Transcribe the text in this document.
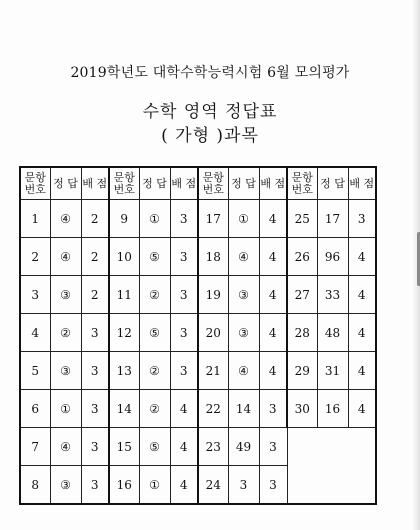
2019학년도 대학수학능력시험 6월 모의평가
수학 영역 정답표
( 가형 )과목
문항 번호	정 답	배 점	문항 번호	정 답	배 점	문항 번호	정 답	배 점	문항 번호	정 답	배 점
1	④	2	9	①	3	17	①	4	25	17	3
2	④	2	10	⑤	3	18	④	4	26	96	4
3	③	2	11	②	3	19	③	4	27	33	4
4	②	3	12	⑤	3	20	③	4	28	48	4
5	③	3	13	②	3	21	④	4	29	31	4
6	①	3	14	②	4	22	14	3	30	16	4
7	④	3	15	⑤	4	23	49	3			
8	③	3	16	①	4	24	3	3			
